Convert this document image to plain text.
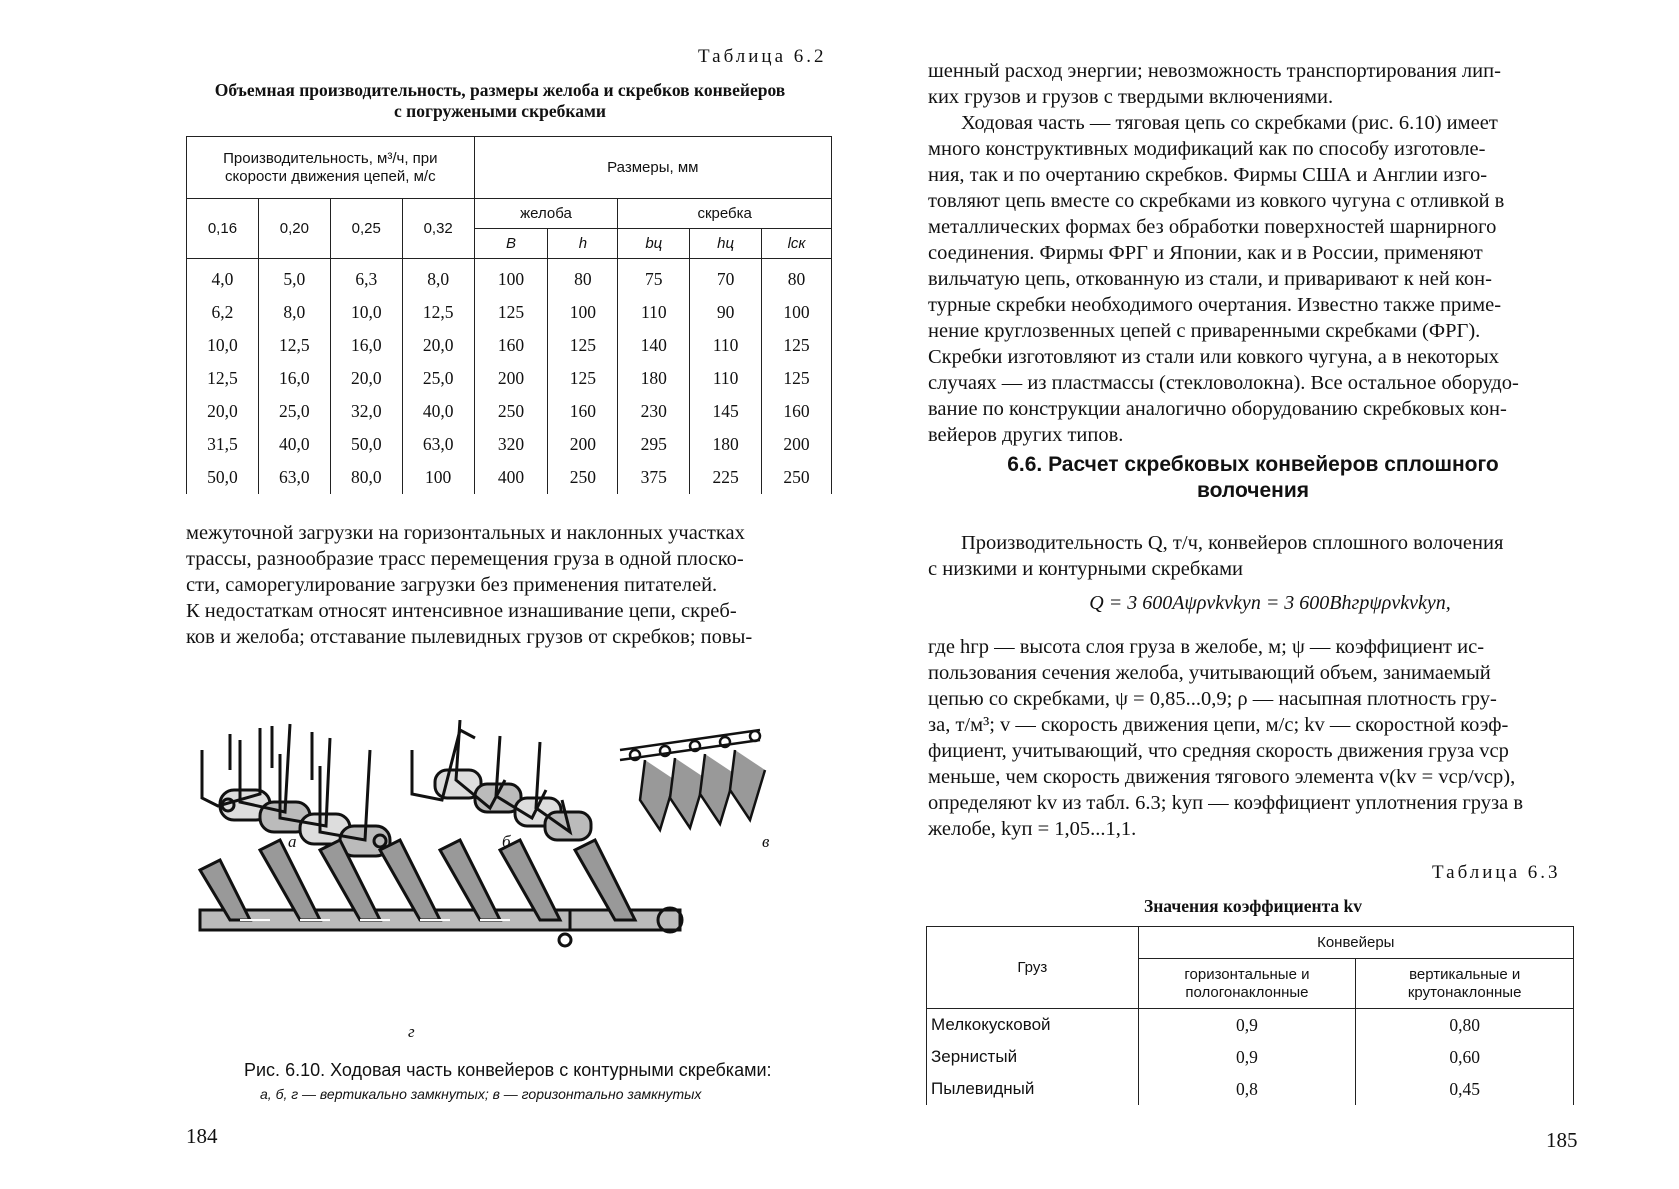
Таблица 6.2
Объемная производительность, размеры желоба и скребков конвейеров
с погружеными скребками
Производительность, м³/ч, при скорости движения цепей, м/с				Размеры, мм				
0,16	0,20	0,25	0,32	желоба		скребка		
				B	h	bц	hц	lск
4,0	5,0	6,3	8,0	100	80	75	70	80
6,2	8,0	10,0	12,5	125	100	110	90	100
10,0	12,5	16,0	20,0	160	125	140	110	125
12,5	16,0	20,0	25,0	200	125	180	110	125
20,0	25,0	32,0	40,0	250	160	230	145	160
31,5	40,0	50,0	63,0	320	200	295	180	200
50,0	63,0	80,0	100	400	250	375	225	250

межуточной загрузки на горизонтальных и наклонных участках

трассы, разнообразие трасс перемещения груза в одной плоско-

сти, саморегулирование загрузки без применения питателей.

К недостаткам относят интенсивное изнашивание цепи, скреб-

ков и желоба; отставание пылевидных грузов от скребков; повы-

а	б	в
г
Рис. 6.10. Ходовая часть конвейеров с контурными скребками:
а, б, г — вертикально замкнутых; в — горизонтально замкнутых
184

шенный расход энергии; невозможность транспортирования лип-

ких грузов и грузов с твердыми включениями.

Ходовая часть — тяговая цепь со скребками (рис. 6.10) имеет

много конструктивных модификаций как по способу изготовле-

ния, так и по очертанию скребков. Фирмы США и Англии изго-

товляют цепь вместе со скребками из ковкого чугуна с отливкой в

металлических формах без обработки поверхностей шарнирного

соединения. Фирмы ФРГ и Японии, как и в России, применяют

вильчатую цепь, откованную из стали, и приваривают к ней кон-

турные скребки необходимого очертания. Известно также приме-

нение круглозвенных цепей с приваренными скребками (ФРГ).

Скребки изготовляют из стали или ковкого чугуна, а в некоторых

случаях — из пластмассы (стекловолокна). Все остальное оборудо-

вание по конструкции аналогично оборудованию скребковых кон-

вейеров других типов.

6.6. Расчет скребковых конвейеров сплошного
волочения

Производительность Q, т/ч, конвейеров сплошного волочения

с низкими и контурными скребками

Q = 3 600Aψρvkvkуп = 3 600Bhгрψρvkvkуп,

где hгр — высота слоя груза в желобе, м; ψ — коэффициент ис-

пользования сечения желоба, учитывающий объем, занимаемый

цепью со скребками, ψ = 0,85...0,9; ρ — насыпная плотность гру-

за, т/м³; v — скорость движения цепи, м/с; kv — скоростной коэф-

фициент, учитывающий, что средняя скорость движения груза vср

меньше, чем скорость движения тягового элемента v(kv = vср/vср),

определяют kv из табл. 6.3; kуп — коэффициент уплотнения груза в

желобе, kуп = 1,05...1,1.

Таблица 6.3
Значения коэффициента kv
Груз	Конвейеры	
	горизонтальные и пологонаклонные	вертикальные и крутонаклонные
Мелкокусковой	0,9	0,80
Зернистый	0,9	0,60
Пылевидный	0,8	0,45
185
